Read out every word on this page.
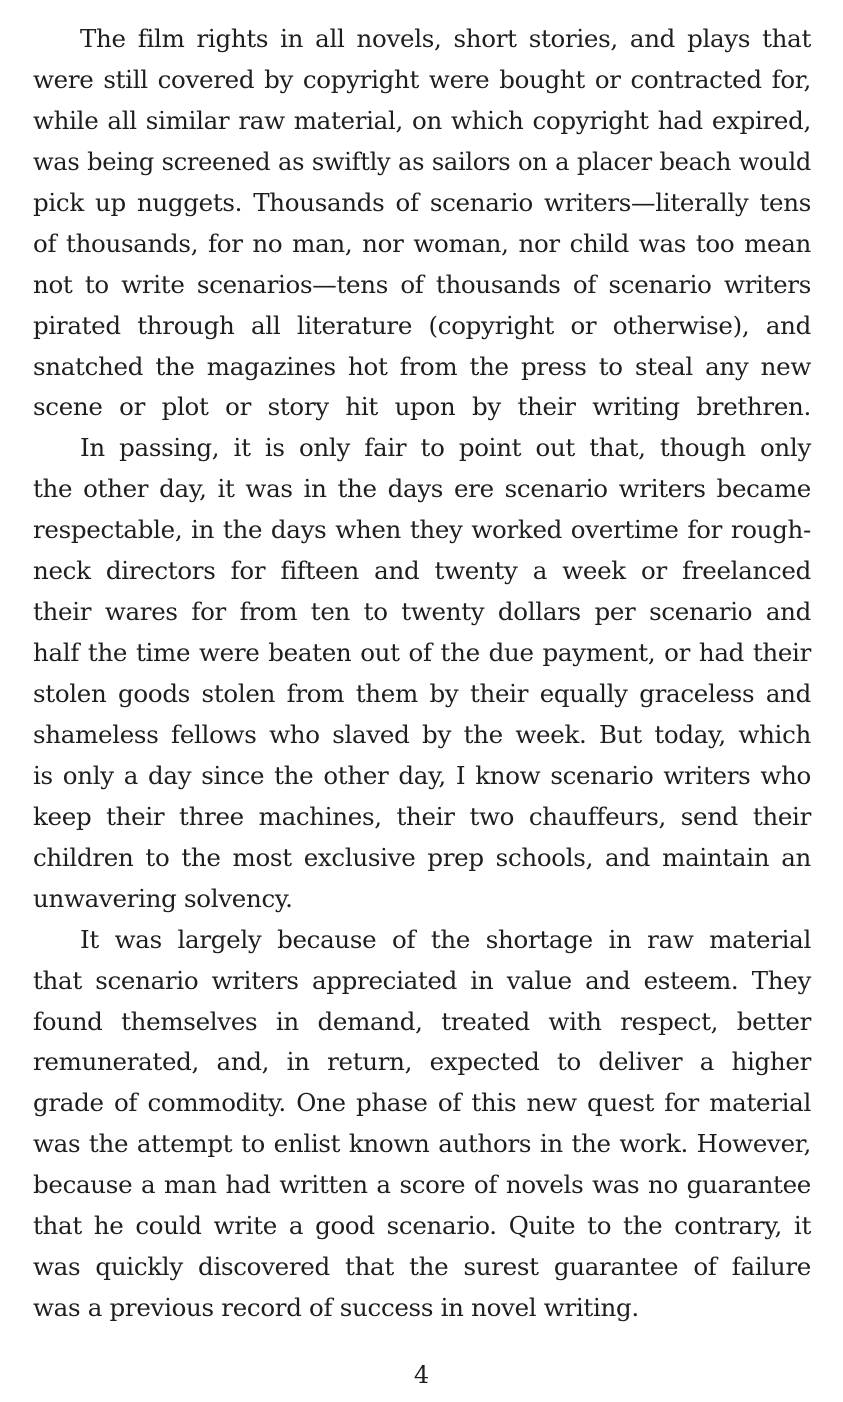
The film rights in all novels, short stories, and plays that
were still covered by copyright were bought or contracted for,
while all similar raw material, on which copyright had expired,
was being screened as swiftly as sailors on a placer beach would
pick up nuggets. Thousands of scenario writers—literally tens
of thousands, for no man, nor woman, nor child was too mean
not to write scenarios—tens of thousands of scenario writers
pirated through all literature (copyright or otherwise), and
snatched the magazines hot from the press to steal any new
scene or plot or story hit upon by their writing brethren.
In passing, it is only fair to point out that, though only
the other day, it was in the days ere scenario writers became
respectable, in the days when they worked overtime for rough-
neck directors for fifteen and twenty a week or freelanced
their wares for from ten to twenty dollars per scenario and
half the time were beaten out of the due payment, or had their
stolen goods stolen from them by their equally graceless and
shameless fellows who slaved by the week. But today, which
is only a day since the other day, I know scenario writers who
keep their three machines, their two chauffeurs, send their
children to the most exclusive prep schools, and maintain an
unwavering solvency.
It was largely because of the shortage in raw material
that scenario writers appreciated in value and esteem. They
found themselves in demand, treated with respect, better
remunerated, and, in return, expected to deliver a higher
grade of commodity. One phase of this new quest for material
was the attempt to enlist known authors in the work. However,
because a man had written a score of novels was no guarantee
that he could write a good scenario. Quite to the contrary, it
was quickly discovered that the surest guarantee of failure
was a previous record of success in novel writing.
4
